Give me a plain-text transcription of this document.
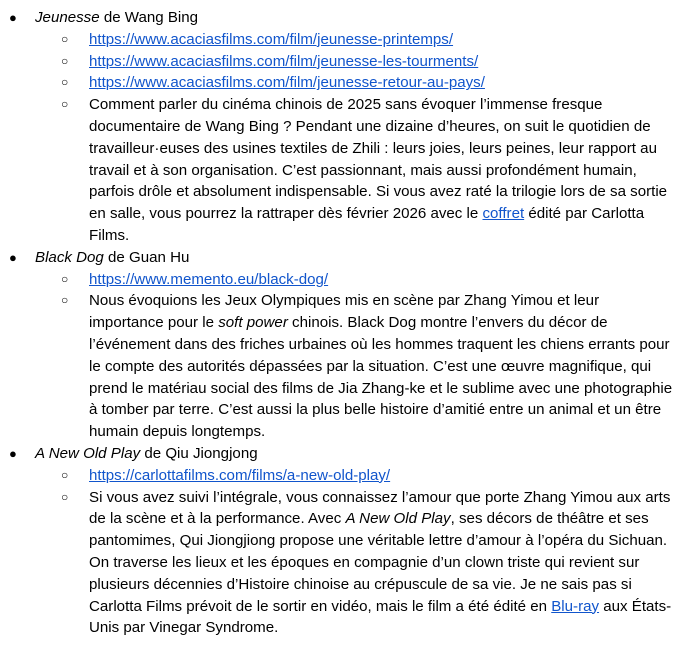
● Jeunesse de Wang Bing
○ https://www.acaciasfilms.com/film/jeunesse-printemps/
○ https://www.acaciasfilms.com/film/jeunesse-les-tourments/
○ https://www.acaciasfilms.com/film/jeunesse-retour-au-pays/
○ Comment parler du cinéma chinois de 2025 sans évoquer l’immense fresque documentaire de Wang Bing ? Pendant une dizaine d’heures, on suit le quotidien de travailleur·euses des usines textiles de Zhili : leurs joies, leurs peines, leur rapport au travail et à son organisation. C’est passionnant, mais aussi profondément humain, parfois drôle et absolument indispensable. Si vous avez raté la trilogie lors de sa sortie en salle, vous pourrez la rattraper dès février 2026 avec le coffret édité par Carlotta Films.
● Black Dog de Guan Hu
○ https://www.memento.eu/black-dog/
○ Nous évoquions les Jeux Olympiques mis en scène par Zhang Yimou et leur importance pour le soft power chinois. Black Dog montre l’envers du décor de l’événement dans des friches urbaines où les hommes traquent les chiens errants pour le compte des autorités dépassées par la situation. C’est une œuvre magnifique, qui prend le matériau social des films de Jia Zhang-ke et le sublime avec une photographie à tomber par terre. C’est aussi la plus belle histoire d’amitié entre un animal et un être humain depuis longtemps.
● A New Old Play de Qiu Jiongjong
○ https://carlottafilms.com/films/a-new-old-play/
○ Si vous avez suivi l’intégrale, vous connaissez l’amour que porte Zhang Yimou aux arts de la scène et à la performance. Avec A New Old Play, ses décors de théâtre et ses pantomimes, Qui Jiongjiong propose une véritable lettre d’amour à l’opéra du Sichuan. On traverse les lieux et les époques en compagnie d’un clown triste qui revient sur plusieurs décennies d’Histoire chinoise au crépuscule de sa vie. Je ne sais pas si Carlotta Films prévoit de le sortir en vidéo, mais le film a été édité en Blu-ray aux États-Unis par Vinegar Syndrome.
